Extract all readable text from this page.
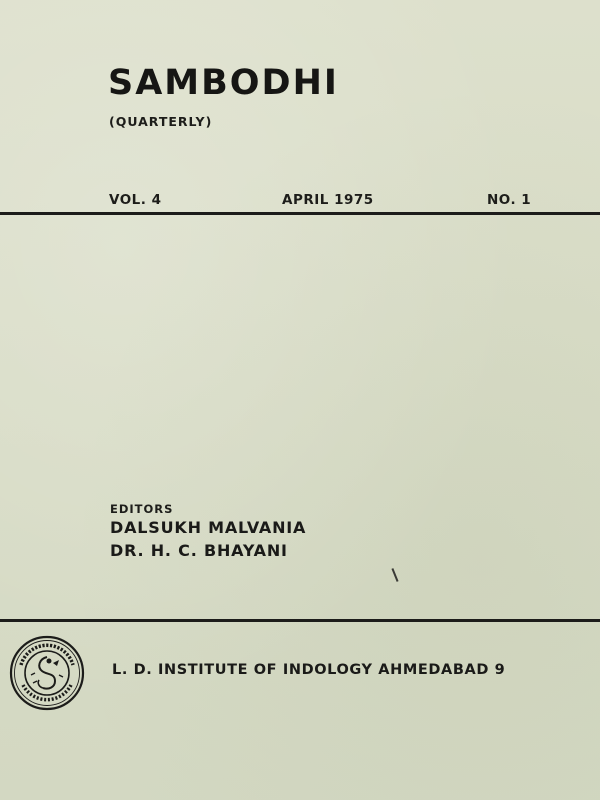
SAMBODHI
(QUARTERLY)
VOL. 4	APRIL 1975	NO. 1
EDITORS
DALSUKH MALVANIA
DR. H. C. BHAYANI
L. D. INSTITUTE OF INDOLOGY AHMEDABAD 9
